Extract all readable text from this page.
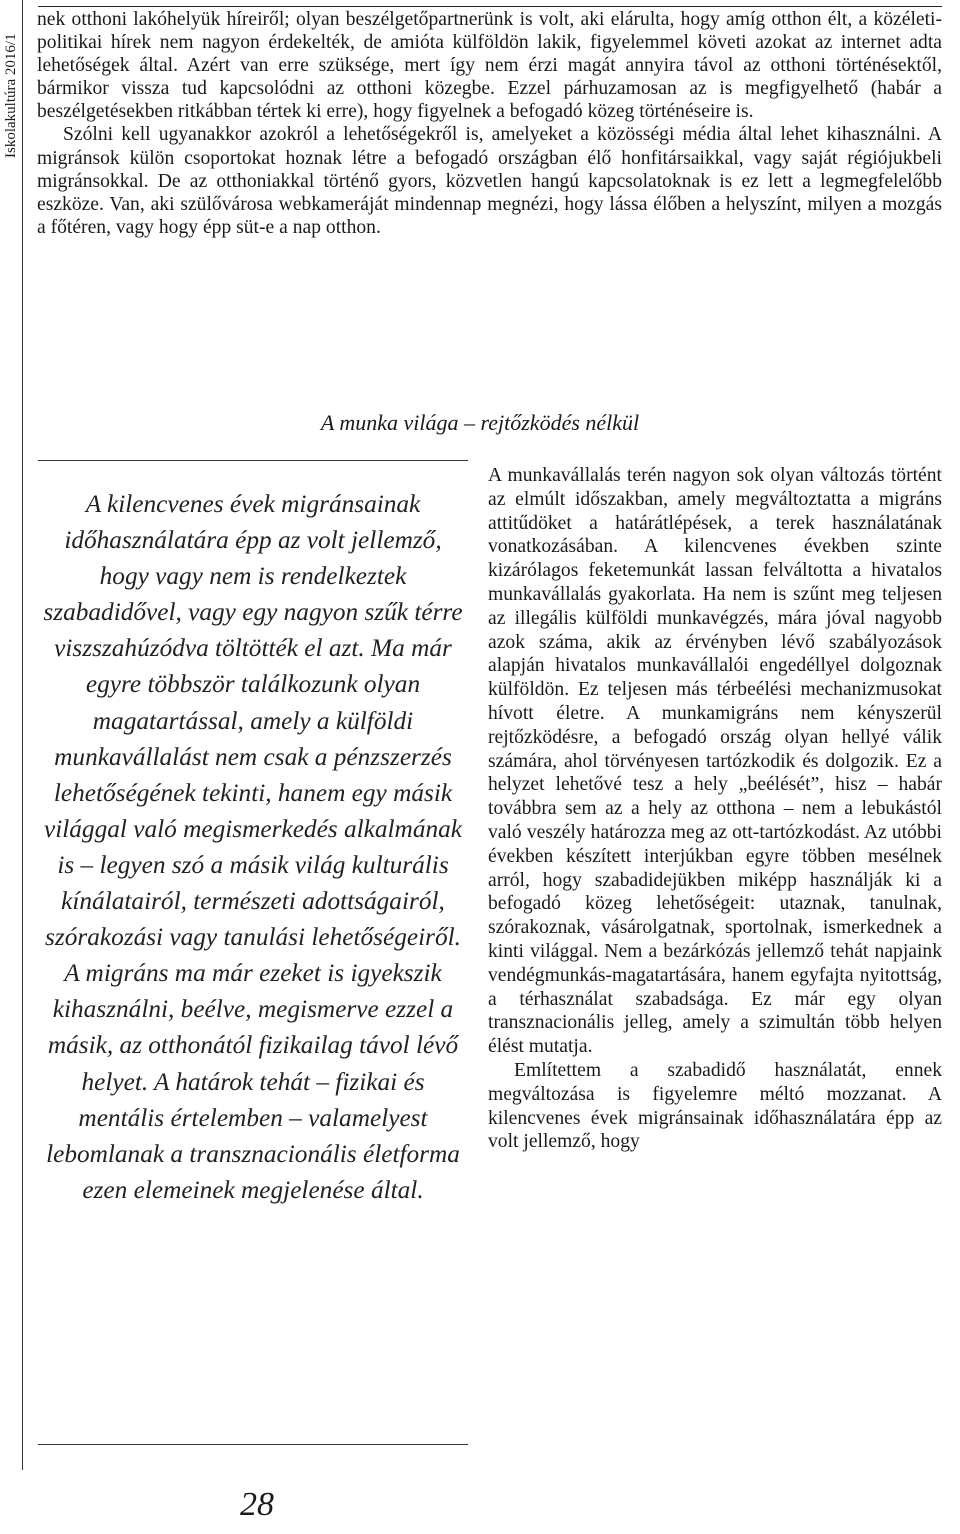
Iskolakultúra 2016/1

nek otthoni lakóhelyük híreiről; olyan beszélgetőpartnerünk is volt, aki elárulta, hogy amíg otthon élt, a közéleti-politikai hírek nem nagyon érdekelték, de amióta külföldön lakik, figyelemmel követi azokat az internet adta lehetőségek által. Azért van erre szüksége, mert így nem érzi magát annyira távol az otthoni történésektől, bármikor vissza tud kapcsolódni az otthoni közegbe. Ezzel párhuzamosan az is megfigyelhető (habár a beszélgetésekben ritkábban tértek ki erre), hogy figyelnek a befogadó közeg történéseire is.

Szólni kell ugyanakkor azokról a lehetőségekről is, amelyeket a közösségi média által lehet kihasználni. A migránsok külön csoportokat hoznak létre a befogadó országban élő honfitársaikkal, vagy saját régiójukbeli migránsokkal. De az otthoniakkal történő gyors, közvetlen hangú kapcsolatoknak is ez lett a legmegfelelőbb eszköze. Van, aki szülővárosa webkameráját mindennap megnézi, hogy lássa élőben a helyszínt, milyen a mozgás a főtéren, vagy hogy épp süt-e a nap otthon.

A munka világa – rejtőzködés nélkül

A kilencvenes évek migránsainak időhasználatára épp az volt jellemző, hogy vagy nem is rendelkeztek szabadidővel, vagy egy nagyon szűk térre viszszahúzódva töltötték el azt. Ma már egyre többször találkozunk olyan magatartással, amely a külföldi munkavállalást nem csak a pénzszerzés lehetőségének tekinti, hanem egy másik világgal való megismerkedés alkalmának is – legyen szó a másik világ kulturális kínálatairól, természeti adottságairól, szórakozási vagy tanulási lehetőségeiről. A migráns ma már ezeket is igyekszik kihasználni, beélve, megismerve ezzel a másik, az otthonától fizikailag távol lévő helyet. A határok tehát – fizikai és mentális értelemben – valamelyest lebomlanak a transznacionális életforma ezen elemeinek megjelenése által.

A munkavállalás terén nagyon sok olyan változás történt az elmúlt időszakban, amely megváltoztatta a migráns attitűdöket a határátlépések, a terek használatának vonatkozásában. A kilencvenes években szinte kizárólagos feketemunkát lassan felváltotta a hivatalos munkavállalás gyakorlata. Ha nem is szűnt meg teljesen az illegális külföldi munkavégzés, mára jóval nagyobb azok száma, akik az érvényben lévő szabályozások alapján hivatalos munkavállalói engedéllyel dolgoznak külföldön. Ez teljesen más térbeélési mechanizmusokat hívott életre. A munkamigráns nem kényszerül rejtőzködésre, a befogadó ország olyan hellyé válik számára, ahol törvényesen tartózkodik és dolgozik. Ez a helyzet lehetővé tesz a hely „beélését”, hisz – habár továbbra sem az a hely az otthona – nem a lebukástól való veszély határozza meg az ott-tartózkodást. Az utóbbi években készített interjúkban egyre többen mesélnek arról, hogy szabadidejükben miképp használják ki a befogadó közeg lehetőségeit: utaznak, tanulnak, szórakoznak, vásárolgatnak, sportolnak, ismerkednek a kinti világgal. Nem a bezárkózás jellemző tehát napjaink vendégmunkás-magatartására, hanem egyfajta nyitottság, a térhasználat szabadsága. Ez már egy olyan transznacionális jelleg, amely a szimultán több helyen élést mutatja.

Említettem a szabadidő használatát, ennek megváltozása is figyelemre méltó mozzanat. A kilencvenes évek migránsainak időhasználatára épp az volt jellemző, hogy

28
